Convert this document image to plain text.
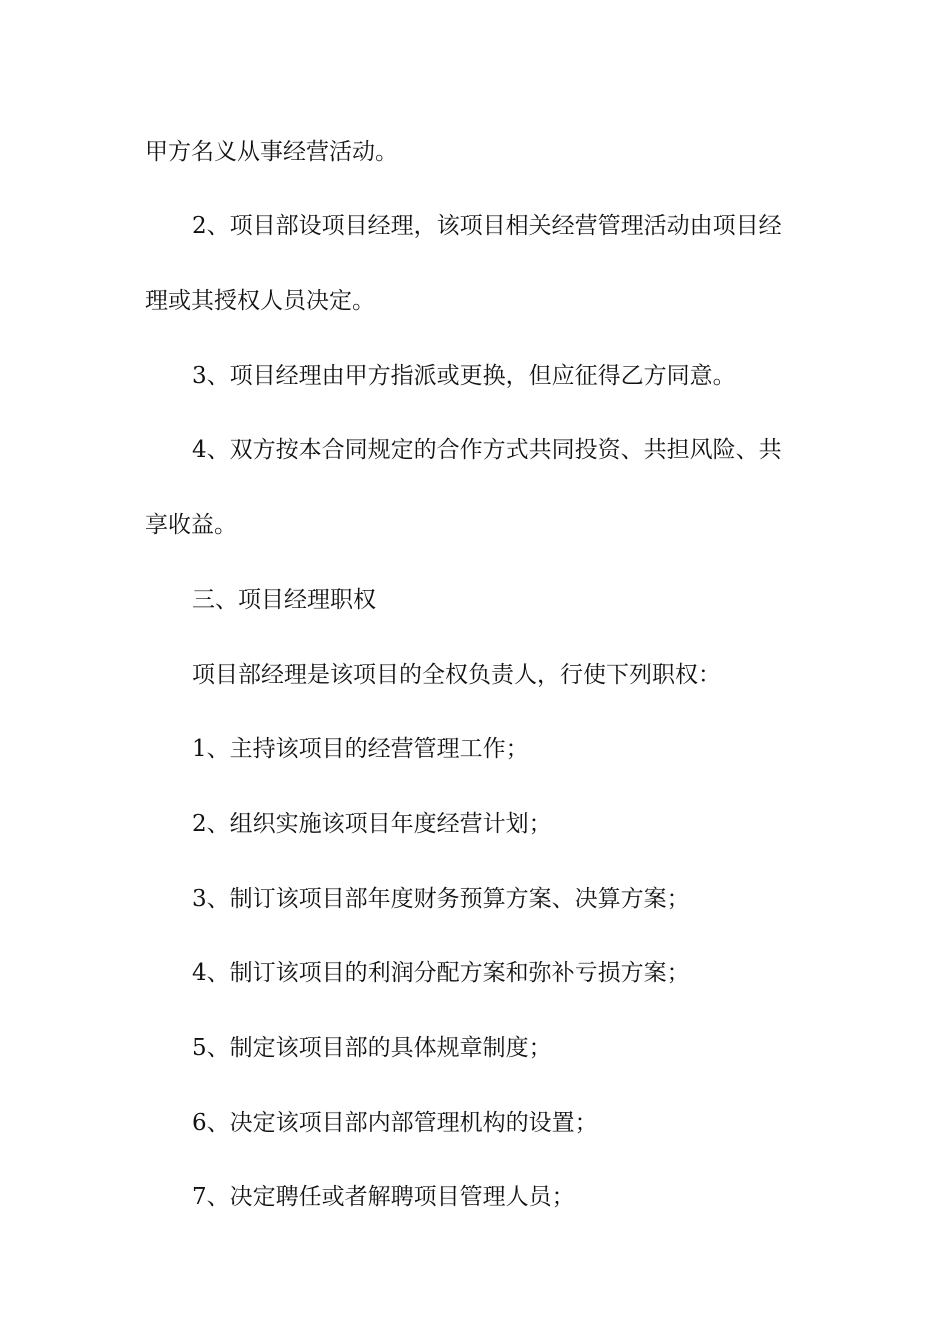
甲方名义从事经营活动。
2、项目部设项目经理，该项目相关经营管理活动由项目经
理或其授权人员决定。
3、项目经理由甲方指派或更换，但应征得乙方同意。
4、双方按本合同规定的合作方式共同投资、共担风险、共
享收益。
三、项目经理职权
项目部经理是该项目的全权负责人，行使下列职权：
1、主持该项目的经营管理工作；
2、组织实施该项目年度经营计划；
3、制订该项目部年度财务预算方案、决算方案；
4、制订该项目的利润分配方案和弥补亏损方案；
5、制定该项目部的具体规章制度；
6、决定该项目部内部管理机构的设置；
7、决定聘任或者解聘项目管理人员；
